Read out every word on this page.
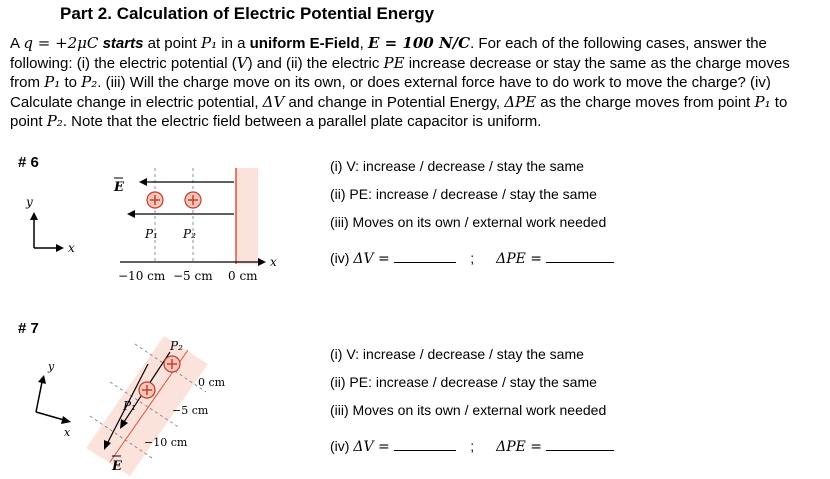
Part 2. Calculation of Electric Potential Energy
A q = +2μC starts at point P₁ in a uniform E-Field, E = 100 N/C. For each of the following cases, answer the following: (i) the electric potential (V) and (ii) the electric PE increase decrease or stay the same as the charge moves from P₁ to P₂. (iii) Will the charge move on its own, or does external force have to do work to move the charge? (iv) Calculate change in electric potential, ΔV and change in Potential Energy, ΔPE as the charge moves from point P₁ to point P₂. Note that the electric field between a parallel plate capacitor is uniform.
# 6
y
x
E
P₁ P₂
x
−10 cm −5 cm 0 cm
(i) V: increase / decrease / stay the same
(ii) PE: increase / decrease / stay the same
(iii) Moves on its own / external work needed
(iv) ΔV =	; ΔPE =
# 7
y
x
E
P₂
P₁
0 cm
−5 cm
−10 cm
(i) V: increase / decrease / stay the same
(ii) PE: increase / decrease / stay the same
(iii) Moves on its own / external work needed
(iv) ΔV =	; ΔPE =
